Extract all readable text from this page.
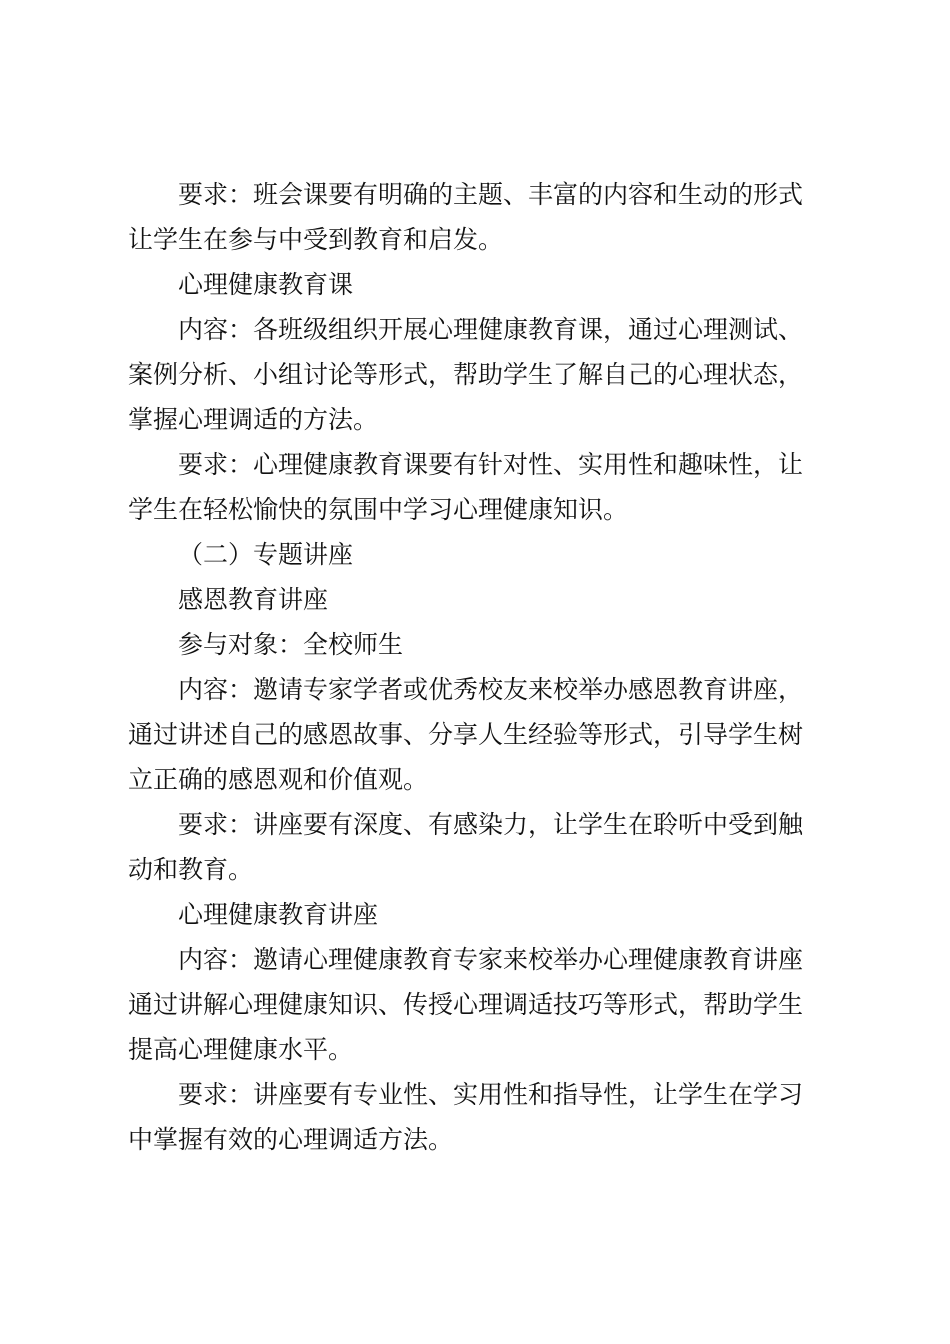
要求：班会课要有明确的主题、丰富的内容和生动的形式
让学生在参与中受到教育和启发。
心理健康教育课
内容：各班级组织开展心理健康教育课，通过心理测试、
案例分析、小组讨论等形式，帮助学生了解自己的心理状态，
掌握心理调适的方法。
要求：心理健康教育课要有针对性、实用性和趣味性，让
学生在轻松愉快的氛围中学习心理健康知识。
（二）专题讲座
感恩教育讲座
参与对象：全校师生
内容：邀请专家学者或优秀校友来校举办感恩教育讲座，
通过讲述自己的感恩故事、分享人生经验等形式，引导学生树
立正确的感恩观和价值观。
要求：讲座要有深度、有感染力，让学生在聆听中受到触
动和教育。
心理健康教育讲座
内容：邀请心理健康教育专家来校举办心理健康教育讲座
通过讲解心理健康知识、传授心理调适技巧等形式，帮助学生
提高心理健康水平。
要求：讲座要有专业性、实用性和指导性，让学生在学习
中掌握有效的心理调适方法。
